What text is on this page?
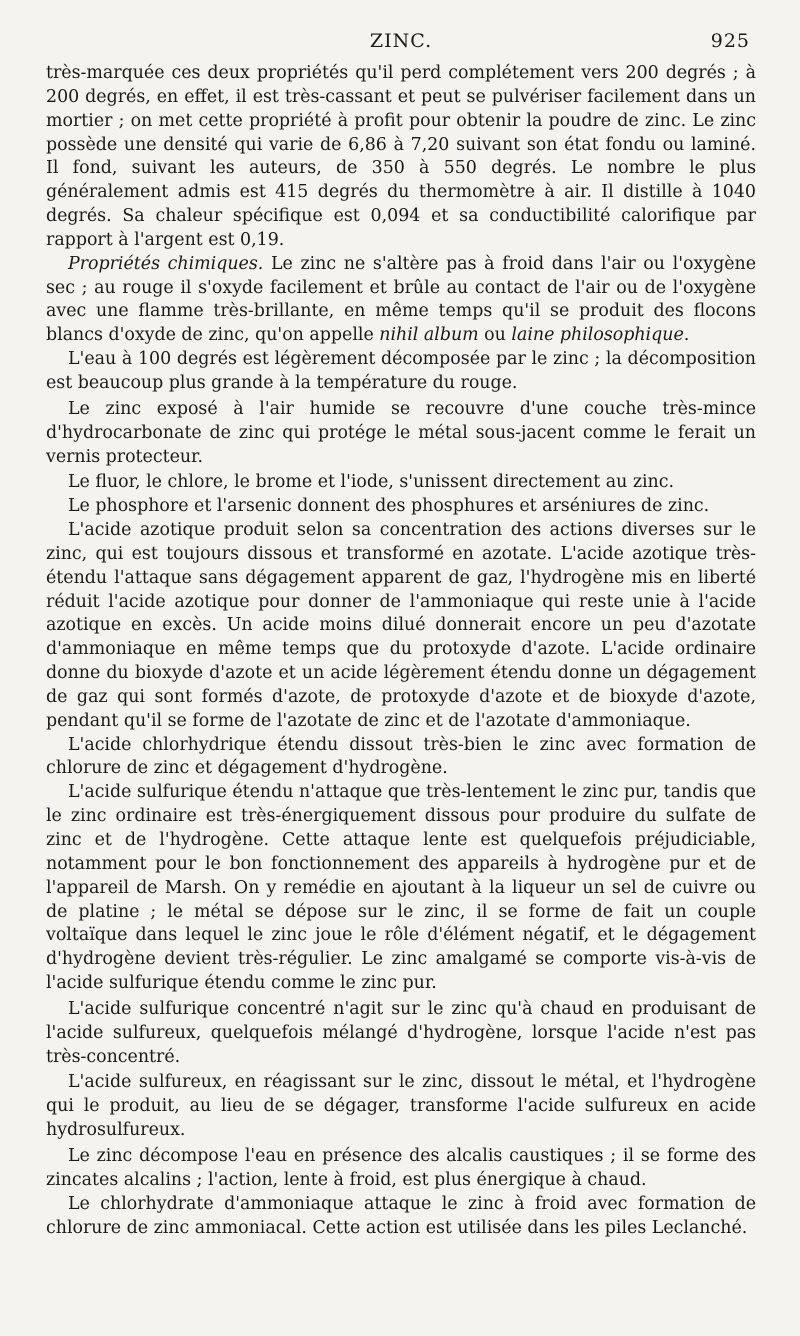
ZINC.	925

très-marquée ces deux propriétés qu'il perd complétement vers 200 degrés ; à 200 degrés, en effet, il est très-cassant et peut se pulvériser facilement dans un mortier ; on met cette propriété à profit pour obtenir la poudre de zinc. Le zinc possède une densité qui varie de 6,86 à 7,20 suivant son état fondu ou laminé. Il fond, suivant les auteurs, de 350 à 550 degrés. Le nombre le plus généralement admis est 415 degrés du thermomètre à air. Il distille à 1040 degrés. Sa chaleur spécifique est 0,094 et sa conductibilité calorifique par rapport à l'argent est 0,19.

Propriétés chimiques. Le zinc ne s'altère pas à froid dans l'air ou l'oxygène sec ; au rouge il s'oxyde facilement et brûle au contact de l'air ou de l'oxygène avec une flamme très-brillante, en même temps qu'il se produit des flocons blancs d'oxyde de zinc, qu'on appelle nihil album ou laine philosophique.

L'eau à 100 degrés est légèrement décomposée par le zinc ; la décomposition est beaucoup plus grande à la température du rouge.

Le zinc exposé à l'air humide se recouvre d'une couche très-mince d'hydrocarbonate de zinc qui protége le métal sous-jacent comme le ferait un vernis protecteur.

Le fluor, le chlore, le brome et l'iode, s'unissent directement au zinc.

Le phosphore et l'arsenic donnent des phosphures et arséniures de zinc.

L'acide azotique produit selon sa concentration des actions diverses sur le zinc, qui est toujours dissous et transformé en azotate. L'acide azotique très-étendu l'attaque sans dégagement apparent de gaz, l'hydrogène mis en liberté réduit l'acide azotique pour donner de l'ammoniaque qui reste unie à l'acide azotique en excès. Un acide moins dilué donnerait encore un peu d'azotate d'ammoniaque en même temps que du protoxyde d'azote. L'acide ordinaire donne du bioxyde d'azote et un acide légèrement étendu donne un dégagement de gaz qui sont formés d'azote, de protoxyde d'azote et de bioxyde d'azote, pendant qu'il se forme de l'azotate de zinc et de l'azotate d'ammoniaque.

L'acide chlorhydrique étendu dissout très-bien le zinc avec formation de chlorure de zinc et dégagement d'hydrogène.

L'acide sulfurique étendu n'attaque que très-lentement le zinc pur, tandis que le zinc ordinaire est très-énergiquement dissous pour produire du sulfate de zinc et de l'hydrogène. Cette attaque lente est quelquefois préjudiciable, notamment pour le bon fonctionnement des appareils à hydrogène pur et de l'appareil de Marsh. On y remédie en ajoutant à la liqueur un sel de cuivre ou de platine ; le métal se dépose sur le zinc, il se forme de fait un couple voltaïque dans lequel le zinc joue le rôle d'élément négatif, et le dégagement d'hydrogène devient très-régulier. Le zinc amalgamé se comporte vis-à-vis de l'acide sulfurique étendu comme le zinc pur.

L'acide sulfurique concentré n'agit sur le zinc qu'à chaud en produisant de l'acide sulfureux, quelquefois mélangé d'hydrogène, lorsque l'acide n'est pas très-concentré.

L'acide sulfureux, en réagissant sur le zinc, dissout le métal, et l'hydrogène qui le produit, au lieu de se dégager, transforme l'acide sulfureux en acide hydrosulfureux.

Le zinc décompose l'eau en présence des alcalis caustiques ; il se forme des zincates alcalins ; l'action, lente à froid, est plus énergique à chaud.

Le chlorhydrate d'ammoniaque attaque le zinc à froid avec formation de chlorure de zinc ammoniacal. Cette action est utilisée dans les piles Leclanché.
